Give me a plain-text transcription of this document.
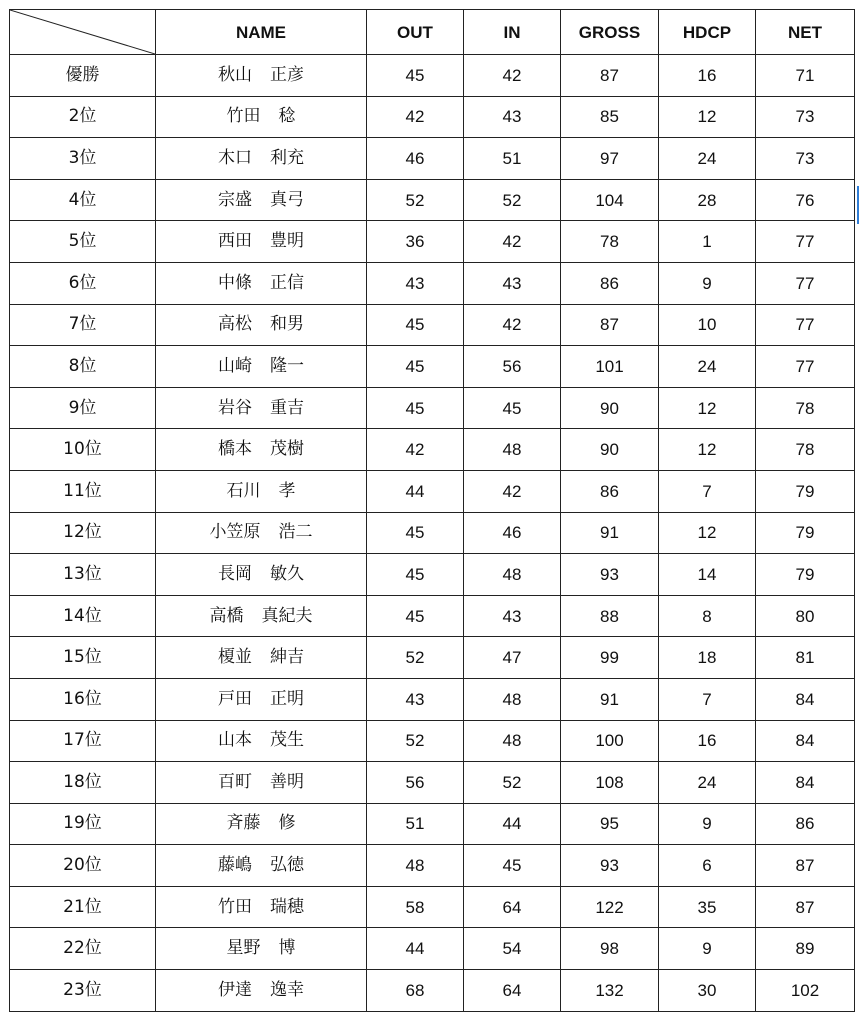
	NAME	OUT	IN	GROSS	HDCP	NET
優勝	秋山 正彦	45	42	87	16	71
2位	竹田 稔	42	43	85	12	73
3位	木口 利充	46	51	97	24	73
4位	宗盛 真弓	52	52	104	28	76
5位	西田 豊明	36	42	78	1	77
6位	中條 正信	43	43	86	9	77
7位	高松 和男	45	42	87	10	77
8位	山崎 隆一	45	56	101	24	77
9位	岩谷 重吉	45	45	90	12	78
10位	橋本 茂樹	42	48	90	12	78
11位	石川 孝	44	42	86	7	79
12位	小笠原 浩二	45	46	91	12	79
13位	長岡 敏久	45	48	93	14	79
14位	高橋 真紀夫	45	43	88	8	80
15位	榎並 紳吉	52	47	99	18	81
16位	戸田 正明	43	48	91	7	84
17位	山本 茂生	52	48	100	16	84
18位	百町 善明	56	52	108	24	84
19位	斉藤 修	51	44	95	9	86
20位	藤嶋 弘徳	48	45	93	6	87
21位	竹田 瑞穂	58	64	122	35	87
22位	星野 博	44	54	98	9	89
23位	伊達 逸幸	68	64	132	30	102
